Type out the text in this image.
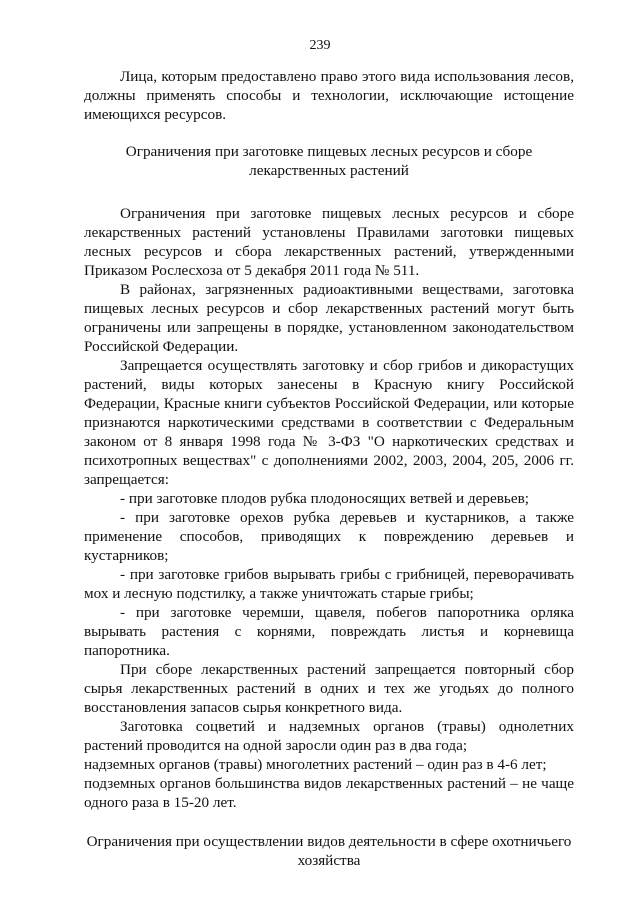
239

Лица, которым предоставлено право этого вида использования лесов, должны применять способы и технологии, исключающие истощение имеющихся ресурсов.

Ограничения при заготовке пищевых лесных ресурсов и сборе
лекарственных растений

Ограничения при заготовке пищевых лесных ресурсов и сборе лекарственных растений установлены Правилами заготовки пищевых лесных ресурсов и сбора лекарственных растений, утвержденными Приказом Рослесхоза от 5 декабря 2011 года № 511.

В районах, загрязненных радиоактивными веществами, заготовка пищевых лесных ресурсов и сбор лекарственных растений могут быть ограничены или запрещены в порядке, установленном законодательством Российской Федерации.

Запрещается осуществлять заготовку и сбор грибов и дикорастущих растений, виды которых занесены в Красную книгу Российской Федерации, Красные книги субъектов Российской Федерации, или которые признаются наркотическими средствами в соответствии с Федеральным законом от 8 января 1998 года № 3-ФЗ "О наркотических средствах и психотропных веществах" с дополнениями 2002, 2003, 2004, 205, 2006 гг. запрещается:

- при заготовке плодов рубка плодоносящих ветвей и деревьев;

- при заготовке орехов рубка деревьев и кустарников, а также применение способов, приводящих к повреждению деревьев и кустарников;

- при заготовке грибов вырывать грибы с грибницей, переворачивать мох и лесную подстилку, а также уничтожать старые грибы;

- при заготовке черемши, щавеля, побегов папоротника орляка вырывать растения с корнями, повреждать листья и корневища папоротника.

При сборе лекарственных растений запрещается повторный сбор сырья лекарственных растений в одних и тех же угодьях до полного восстановления запасов сырья конкретного вида.

Заготовка соцветий и надземных органов (травы) однолетних растений проводится на одной заросли один раз в два года;

надземных органов (травы) многолетних растений – один раз в 4-6 лет;

подземных органов большинства видов лекарственных растений – не чаще одного раза в 15-20 лет.

Ограничения при осуществлении видов деятельности в сфере охотничьего
хозяйства
